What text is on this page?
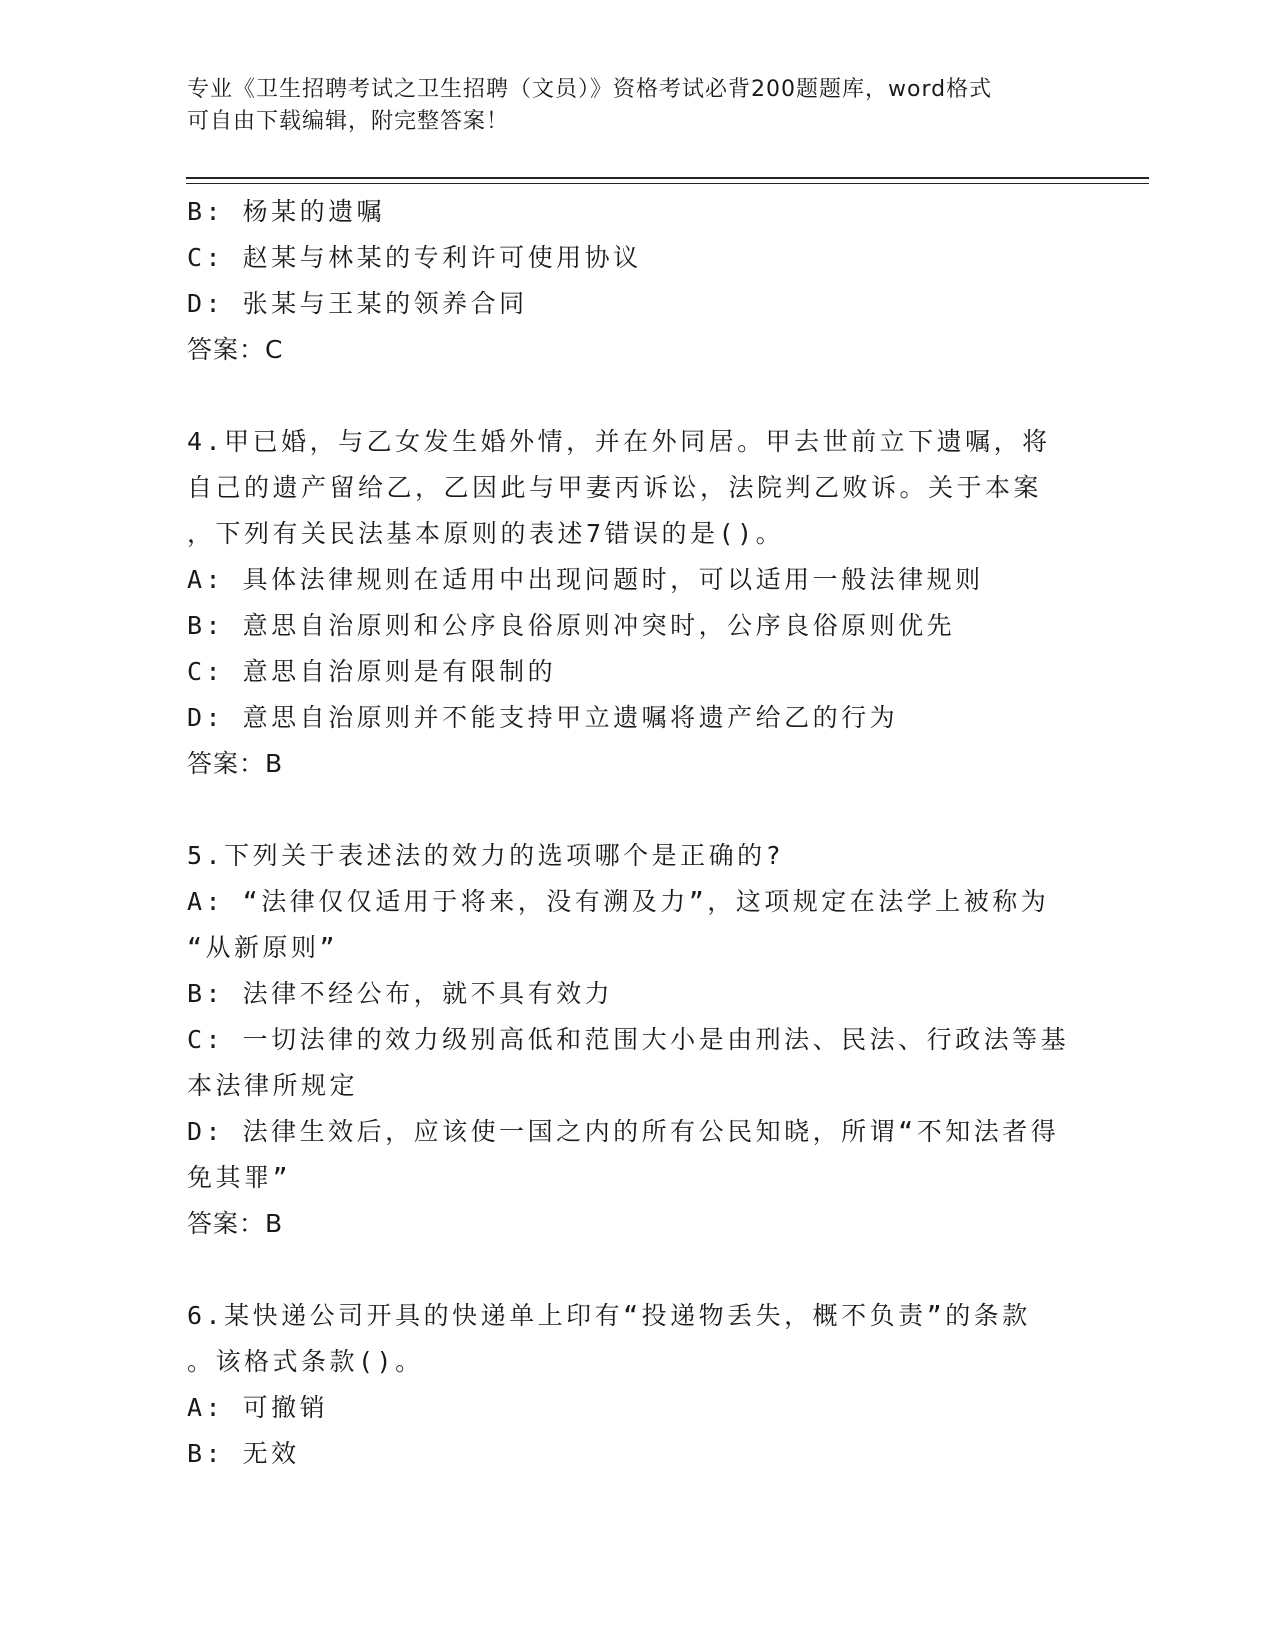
专业《卫生招聘考试之卫生招聘（文员）》资格考试必背200题题库，word格式
可自由下载编辑，附完整答案！
B: 杨某的遗嘱
C: 赵某与林某的专利许可使用协议
D: 张某与王某的领养合同
答案：C
4.甲已婚，与乙女发生婚外情，并在外同居。甲去世前立下遗嘱，将
自己的遗产留给乙，乙因此与甲妻丙诉讼，法院判乙败诉。关于本案
，下列有关民法基本原则的表述7错误的是()。
A: 具体法律规则在适用中出现问题时，可以适用一般法律规则
B: 意思自治原则和公序良俗原则冲突时，公序良俗原则优先
C: 意思自治原则是有限制的
D: 意思自治原则并不能支持甲立遗嘱将遗产给乙的行为
答案：B
5.下列关于表述法的效力的选项哪个是正确的?
A: “法律仅仅适用于将来，没有溯及力”，这项规定在法学上被称为
“从新原则”
B: 法律不经公布，就不具有效力
C: 一切法律的效力级别高低和范围大小是由刑法、民法、行政法等基
本法律所规定
D: 法律生效后，应该使一国之内的所有公民知晓，所谓“不知法者得
免其罪”
答案：B
6.某快递公司开具的快递单上印有“投递物丢失，概不负责”的条款
。该格式条款()。
A: 可撤销
B: 无效
